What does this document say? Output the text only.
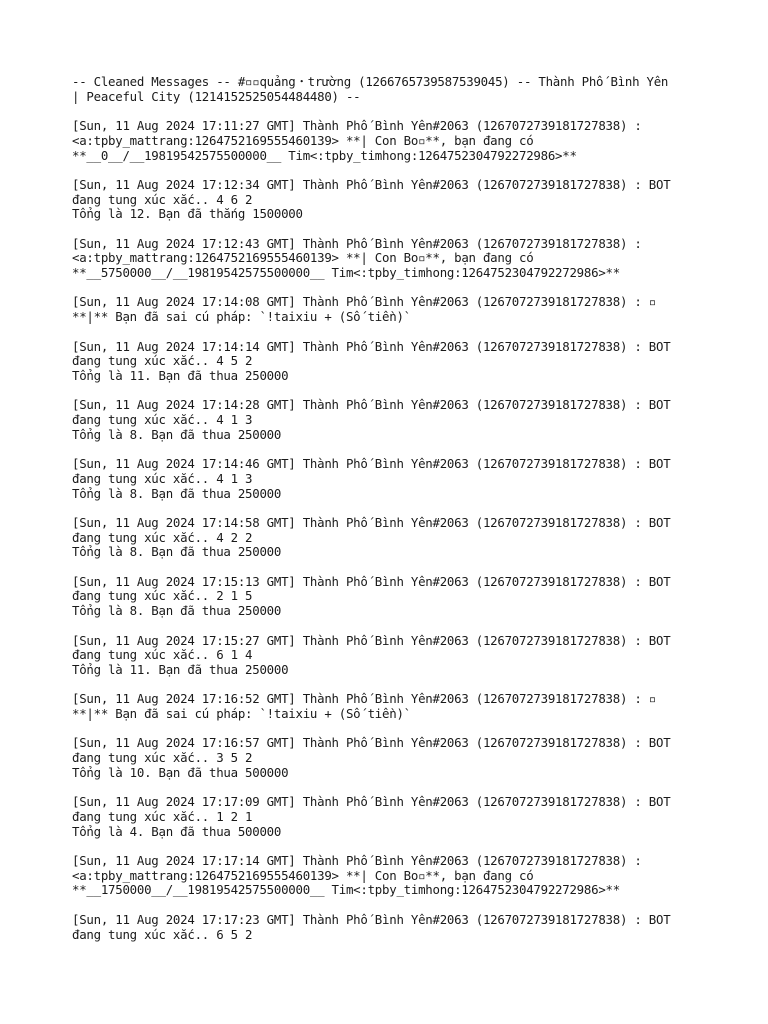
-- Cleaned Messages -- #▫▫quảng・trường (1266765739587539045) -- Thành Phố Bình Yên
| Peaceful City (1214152525054484480) --
[Sun, 11 Aug 2024 17:11:27 GMT] Thành Phố Bình Yên#2063 (1267072739181727838) :
<a:tpby_mattrang:1264752169555460139> **| Con Bo▫**, bạn đang có
**__0__/__19819542575500000__ Tim<:tpby_timhong:1264752304792272986>**
[Sun, 11 Aug 2024 17:12:34 GMT] Thành Phố Bình Yên#2063 (1267072739181727838) : BOT
đang tung xúc xắc.. 4 6 2
Tổng là 12. Bạn đã thắng 1500000
[Sun, 11 Aug 2024 17:12:43 GMT] Thành Phố Bình Yên#2063 (1267072739181727838) :
<a:tpby_mattrang:1264752169555460139> **| Con Bo▫**, bạn đang có
**__5750000__/__19819542575500000__ Tim<:tpby_timhong:1264752304792272986>**
[Sun, 11 Aug 2024 17:14:08 GMT] Thành Phố Bình Yên#2063 (1267072739181727838) : ▫
**|** Bạn đã sai cú pháp: `!taixiu + (Số tiền)`
[Sun, 11 Aug 2024 17:14:14 GMT] Thành Phố Bình Yên#2063 (1267072739181727838) : BOT
đang tung xúc xắc.. 4 5 2
Tổng là 11. Bạn đã thua 250000
[Sun, 11 Aug 2024 17:14:28 GMT] Thành Phố Bình Yên#2063 (1267072739181727838) : BOT
đang tung xúc xắc.. 4 1 3
Tổng là 8. Bạn đã thua 250000
[Sun, 11 Aug 2024 17:14:46 GMT] Thành Phố Bình Yên#2063 (1267072739181727838) : BOT
đang tung xúc xắc.. 4 1 3
Tổng là 8. Bạn đã thua 250000
[Sun, 11 Aug 2024 17:14:58 GMT] Thành Phố Bình Yên#2063 (1267072739181727838) : BOT
đang tung xúc xắc.. 4 2 2
Tổng là 8. Bạn đã thua 250000
[Sun, 11 Aug 2024 17:15:13 GMT] Thành Phố Bình Yên#2063 (1267072739181727838) : BOT
đang tung xúc xắc.. 2 1 5
Tổng là 8. Bạn đã thua 250000
[Sun, 11 Aug 2024 17:15:27 GMT] Thành Phố Bình Yên#2063 (1267072739181727838) : BOT
đang tung xúc xắc.. 6 1 4
Tổng là 11. Bạn đã thua 250000
[Sun, 11 Aug 2024 17:16:52 GMT] Thành Phố Bình Yên#2063 (1267072739181727838) : ▫
**|** Bạn đã sai cú pháp: `!taixiu + (Số tiền)`
[Sun, 11 Aug 2024 17:16:57 GMT] Thành Phố Bình Yên#2063 (1267072739181727838) : BOT
đang tung xúc xắc.. 3 5 2
Tổng là 10. Bạn đã thua 500000
[Sun, 11 Aug 2024 17:17:09 GMT] Thành Phố Bình Yên#2063 (1267072739181727838) : BOT
đang tung xúc xắc.. 1 2 1
Tổng là 4. Bạn đã thua 500000
[Sun, 11 Aug 2024 17:17:14 GMT] Thành Phố Bình Yên#2063 (1267072739181727838) :
<a:tpby_mattrang:1264752169555460139> **| Con Bo▫**, bạn đang có
**__1750000__/__19819542575500000__ Tim<:tpby_timhong:1264752304792272986>**
[Sun, 11 Aug 2024 17:17:23 GMT] Thành Phố Bình Yên#2063 (1267072739181727838) : BOT
đang tung xúc xắc.. 6 5 2
